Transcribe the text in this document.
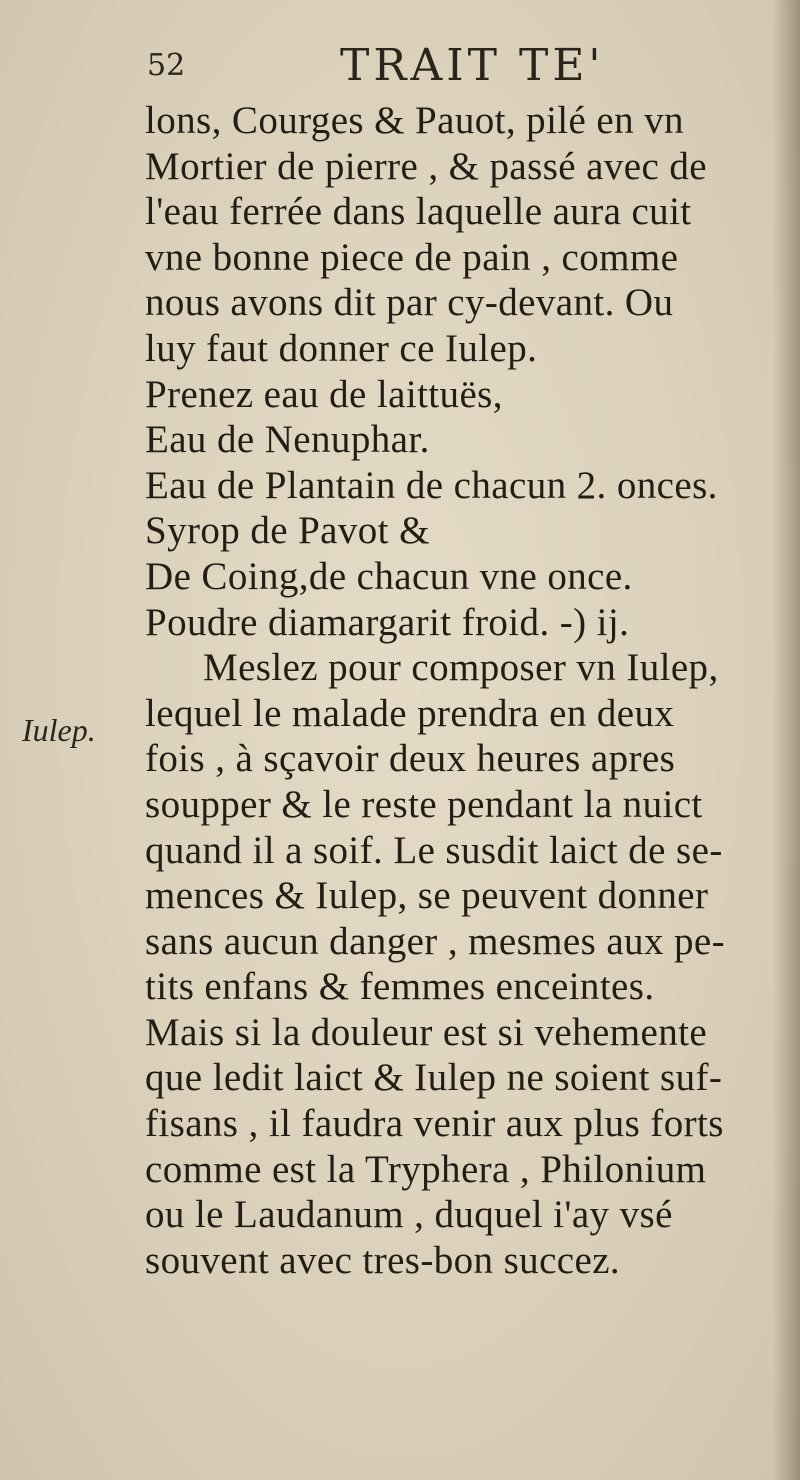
52	TRAIT TE'
Iulep.
lons, Courges & Pauot, pilé en vn
Mortier de pierre , & passé avec de
l'eau ferrée dans laquelle aura cuit
vne bonne piece de pain , comme
nous avons dit par cy-devant. Ou
luy faut donner ce Iulep.
Prenez eau de laittuës,
Eau de Nenuphar.
Eau de Plantain de chacun 2. onces.
Syrop de Pavot &
De Coing,de chacun vne once.
Poudre diamargarit froid. -) ij.
Meslez pour composer vn Iulep,
lequel le malade prendra en deux
fois , à sçavoir deux heures apres
soupper & le reste pendant la nuict
quand il a soif. Le susdit laict de se-
mences & Iulep, se peuvent donner
sans aucun danger , mesmes aux pe-
tits enfans & femmes enceintes.
Mais si la douleur est si vehemente
que ledit laict & Iulep ne soient suf-
fisans , il faudra venir aux plus forts
comme est la Tryphera , Philonium
ou le Laudanum , duquel i'ay vsé
souvent avec tres-bon succez.
